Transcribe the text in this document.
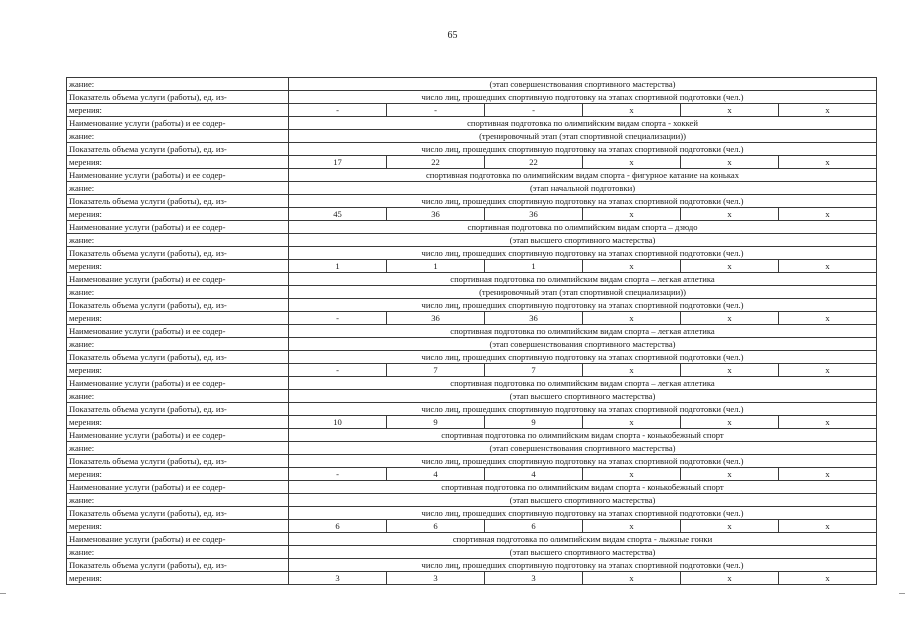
65
жание:	(этап совершенствования спортивного мастерства)					
Показатель объема услуги (работы), ед. из-	число лиц, прошедших спортивную подготовку на этапах спортивной подготовки (чел.)					
мерения:	-	-	-	x	x	x
Наименование услуги (работы) и ее содер-	спортивная подготовка по олимпийским видам спорта - хоккей					
жание:	(тренировочный этап (этап спортивной специализации))					
Показатель объема услуги (работы), ед. из-	число лиц, прошедших спортивную подготовку на этапах спортивной подготовки (чел.)					
мерения:	17	22	22	x	x	x
Наименование услуги (работы) и ее содер-	спортивная подготовка по олимпийским видам спорта - фигурное катание на коньках					
жание:	(этап начальной подготовки)					
Показатель объема услуги (работы), ед. из-	число лиц, прошедших спортивную подготовку на этапах спортивной подготовки (чел.)					
мерения:	45	36	36	x	x	x
Наименование услуги (работы) и ее содер-	спортивная подготовка по олимпийским видам спорта – дзюдо					
жание:	(этап высшего спортивного мастерства)					
Показатель объема услуги (работы), ед. из-	число лиц, прошедших спортивную подготовку на этапах спортивной подготовки (чел.)					
мерения:	1	1	1	x	x	x
Наименование услуги (работы) и ее содер-	спортивная подготовка по олимпийским видам спорта – легкая атлетика					
жание:	(тренировочный этап (этап спортивной специализации))					
Показатель объема услуги (работы), ед. из-	число лиц, прошедших спортивную подготовку на этапах спортивной подготовки (чел.)					
мерения:	-	36	36	x	x	x
Наименование услуги (работы) и ее содер-	спортивная подготовка по олимпийским видам спорта – легкая атлетика					
жание:	(этап совершенствования спортивного мастерства)					
Показатель объема услуги (работы), ед. из-	число лиц, прошедших спортивную подготовку на этапах спортивной подготовки (чел.)					
мерения:	-	7	7	x	x	x
Наименование услуги (работы) и ее содер-	спортивная подготовка по олимпийским видам спорта – легкая атлетика					
жание:	(этап высшего спортивного мастерства)					
Показатель объема услуги (работы), ед. из-	число лиц, прошедших спортивную подготовку на этапах спортивной подготовки (чел.)					
мерения:	10	9	9	x	x	x
Наименование услуги (работы) и ее содер-	спортивная подготовка по олимпийским видам спорта - конькобежный спорт					
жание:	(этап совершенствования спортивного мастерства)					
Показатель объема услуги (работы), ед. из-	число лиц, прошедших спортивную подготовку на этапах спортивной подготовки (чел.)					
мерения:	-	4	4	x	x	x
Наименование услуги (работы) и ее содер-	спортивная подготовка по олимпийским видам спорта - конькобежный спорт					
жание:	(этап высшего спортивного мастерства)					
Показатель объема услуги (работы), ед. из-	число лиц, прошедших спортивную подготовку на этапах спортивной подготовки (чел.)					
мерения:	6	6	6	x	x	x
Наименование услуги (работы) и ее содер-	спортивная подготовка по олимпийским видам спорта - лыжные гонки					
жание:	(этап высшего спортивного мастерства)					
Показатель объема услуги (работы), ед. из-	число лиц, прошедших спортивную подготовку на этапах спортивной подготовки (чел.)					
мерения:	3	3	3	x	x	x
